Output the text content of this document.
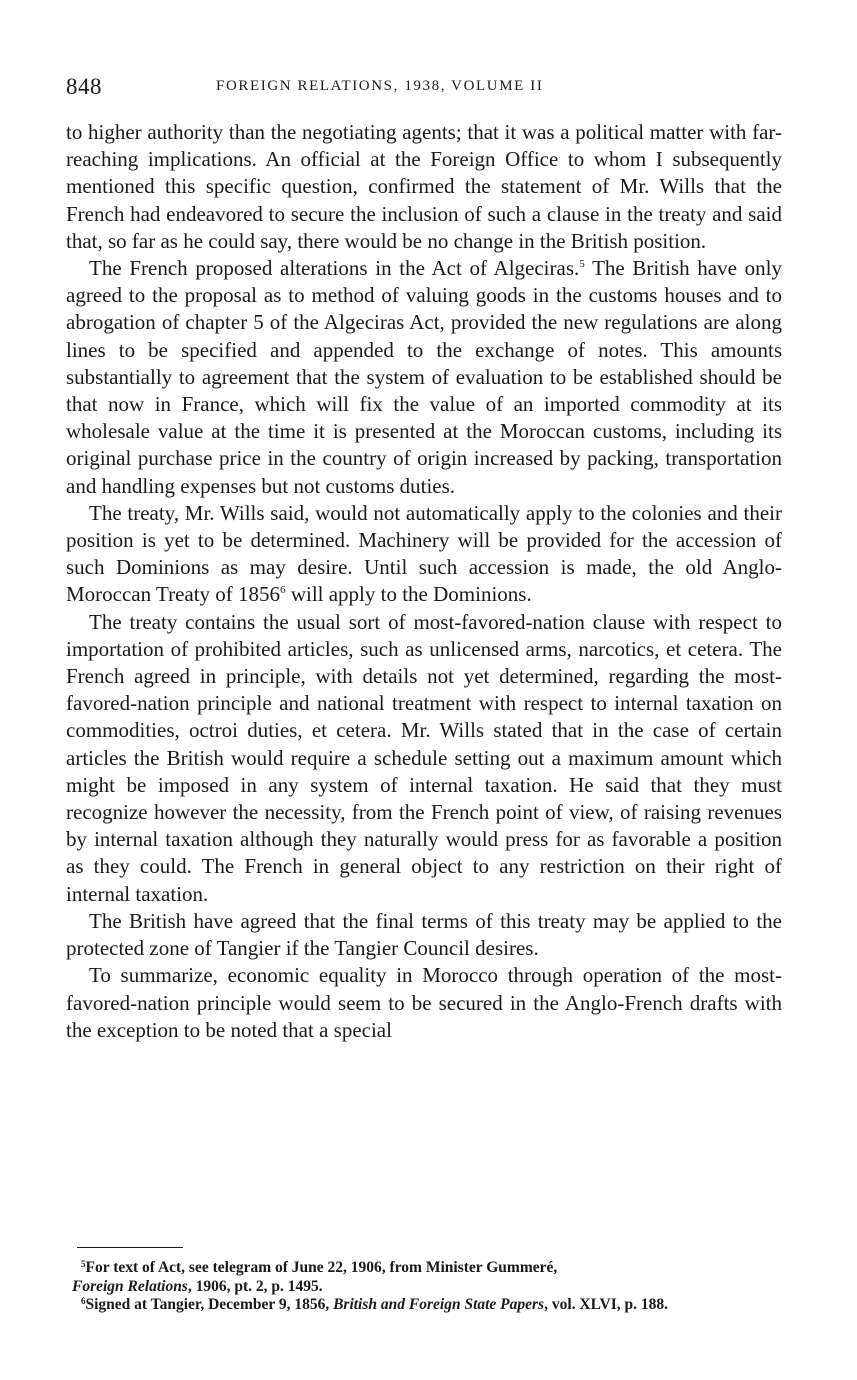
848	FOREIGN RELATIONS, 1938, VOLUME II

to higher authority than the negotiating agents; that it was a political matter with far-reaching implications. An official at the Foreign Office to whom I subsequently mentioned this specific question, confirmed the statement of Mr. Wills that the French had endeavored to secure the inclusion of such a clause in the treaty and said that, so far as he could say, there would be no change in the British position.

The French proposed alterations in the Act of Algeciras.$^5$ The British have only agreed to the proposal as to method of valuing goods in the customs houses and to abrogation of chapter 5 of the Algeciras Act, provided the new regulations are along lines to be specified and appended to the exchange of notes. This amounts substantially to agreement that the system of evaluation to be established should be that now in France, which will fix the value of an imported commodity at its wholesale value at the time it is presented at the Moroccan customs, including its original purchase price in the country of origin increased by packing, transportation and handling expenses but not customs duties.

The treaty, Mr. Wills said, would not automatically apply to the colonies and their position is yet to be determined. Machinery will be provided for the accession of such Dominions as may desire. Until such accession is made, the old Anglo-Moroccan Treaty of 1856$^6$ will apply to the Dominions.

The treaty contains the usual sort of most-favored-nation clause with respect to importation of prohibited articles, such as unlicensed arms, narcotics, et cetera. The French agreed in principle, with details not yet determined, regarding the most-favored-nation principle and national treatment with respect to internal taxation on commodities, octroi duties, et cetera. Mr. Wills stated that in the case of certain articles the British would require a schedule setting out a maximum amount which might be imposed in any system of internal taxation. He said that they must recognize however the necessity, from the French point of view, of raising revenues by internal taxation although they naturally would press for as favorable a position as they could. The French in general object to any restriction on their right of internal taxation.

The British have agreed that the final terms of this treaty may be applied to the protected zone of Tangier if the Tangier Council desires.

To summarize, economic equality in Morocco through operation of the most-favored-nation principle would seem to be secured in the Anglo-French drafts with the exception to be noted that a special

$^5$For text of Act, see telegram of June 22, 1906, from Minister Gummeré,

Foreign Relations, 1906, pt. 2, p. 1495.

$^6$Signed at Tangier, December 9, 1856, British and Foreign State Papers, vol. XLVI, p. 188.
